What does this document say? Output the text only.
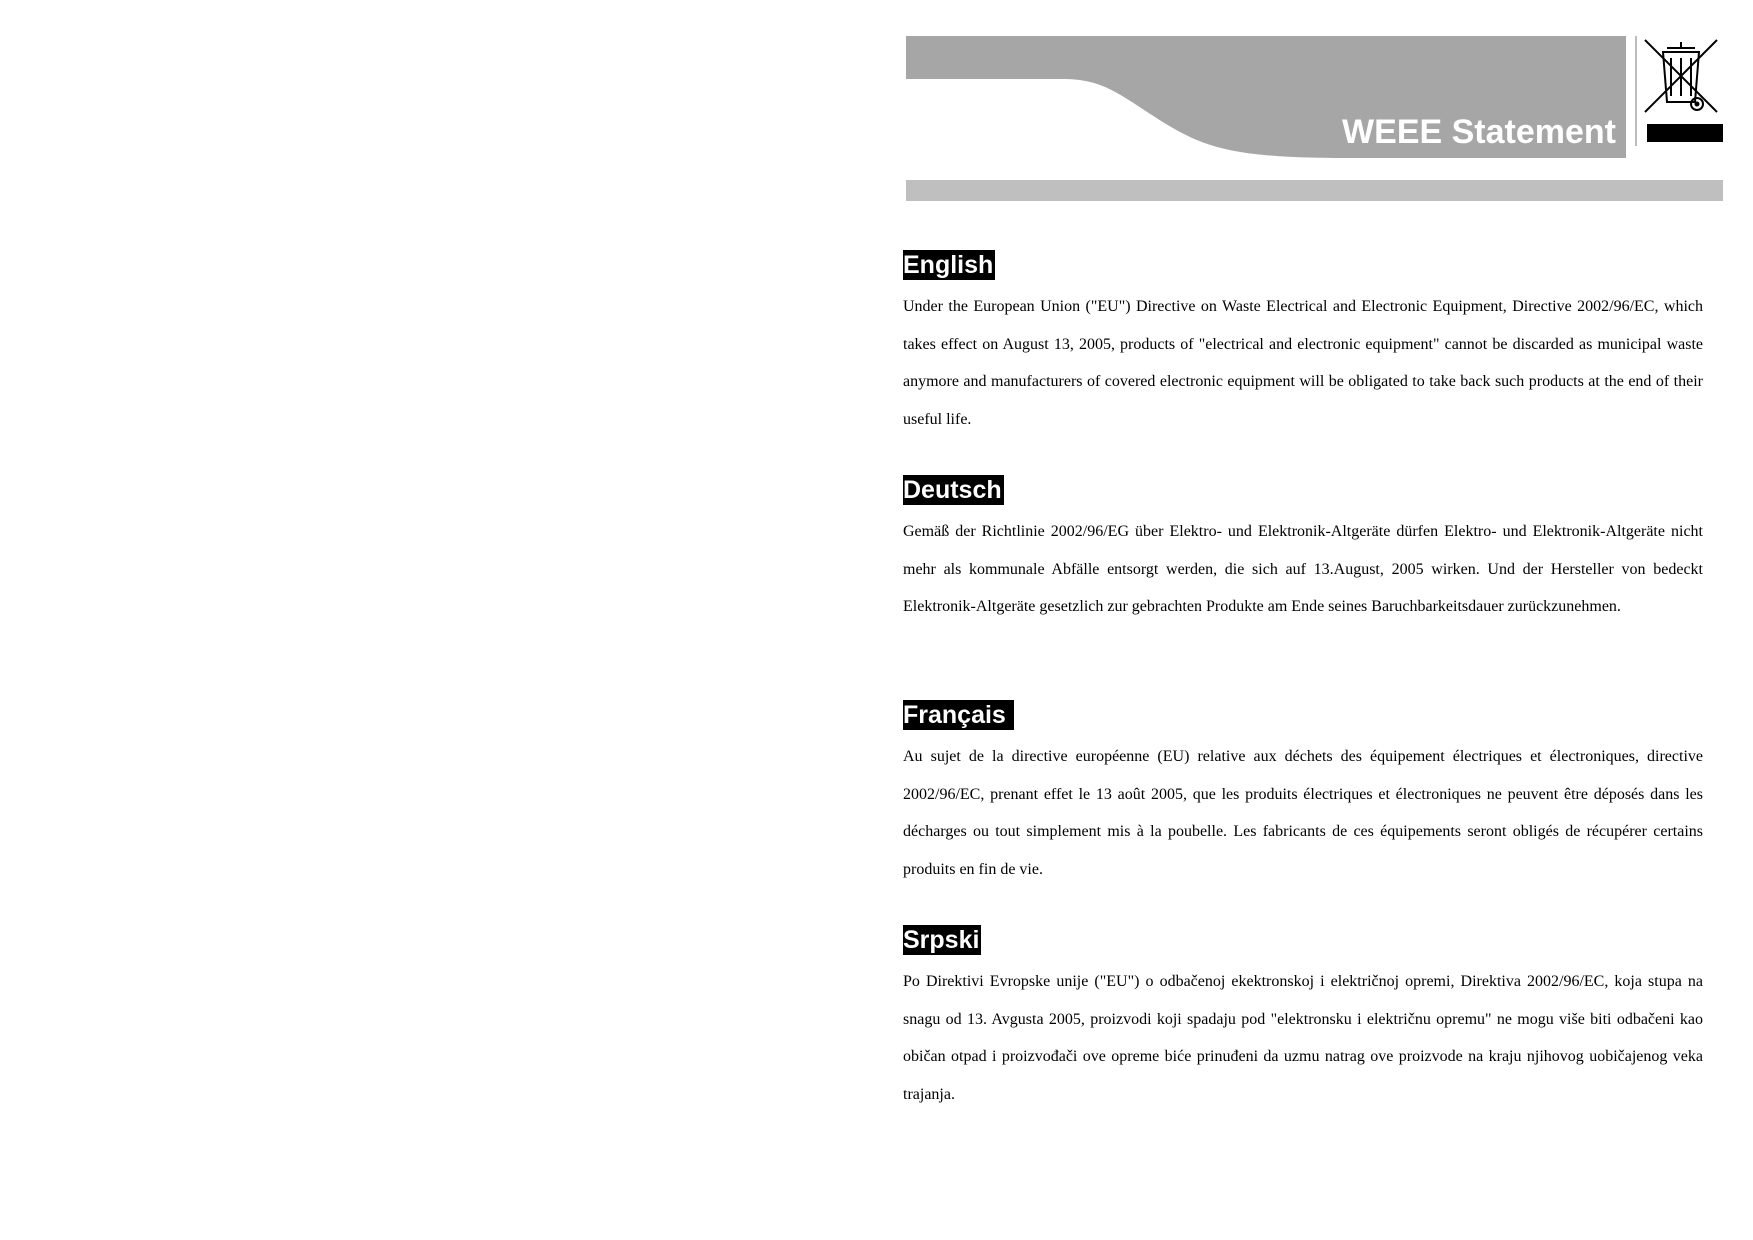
WEEE Statement
English

Under the European Union ("EU") Directive on Waste Electrical and Electronic Equipment, Directive 2002/96/EC, which takes effect on August 13, 2005, products of "electrical and electronic equipment" cannot be discarded as municipal waste anymore and manufacturers of covered electronic equipment will be obligated to take back such products at the end of their useful life.

Deutsch

Gemäß der Richtlinie 2002/96/EG über Elektro- und Elektronik-Altgeräte dürfen Elektro- und Elektronik-Altgeräte nicht mehr als kommunale Abfälle entsorgt werden, die sich auf 13.August, 2005 wirken. Und der Hersteller von bedeckt Elektronik-Altgeräte gesetzlich zur gebrachten Produkte am Ende seines Baruchbarkeitsdauer zurückzunehmen.

Français

Au sujet de la directive européenne (EU) relative aux déchets des équipement électriques et électroniques, directive 2002/96/EC, prenant effet le 13 août 2005, que les produits électriques et électroniques ne peuvent être déposés dans les décharges ou tout simplement mis à la poubelle. Les fabricants de ces équipements seront obligés de récupérer certains produits en fin de vie.

Srpski

Po Direktivi Evropske unije ("EU") o odbačenoj ekektronskoj i električnoj opremi, Direktiva 2002/96/EC, koja stupa na snagu od 13. Avgusta 2005, proizvodi koji spadaju pod "elektronsku i električnu opremu" ne mogu više biti odbačeni kao običan otpad i proizvođači ove opreme biće prinuđeni da uzmu natrag ove proizvode na kraju njihovog uobičajenog veka trajanja.
